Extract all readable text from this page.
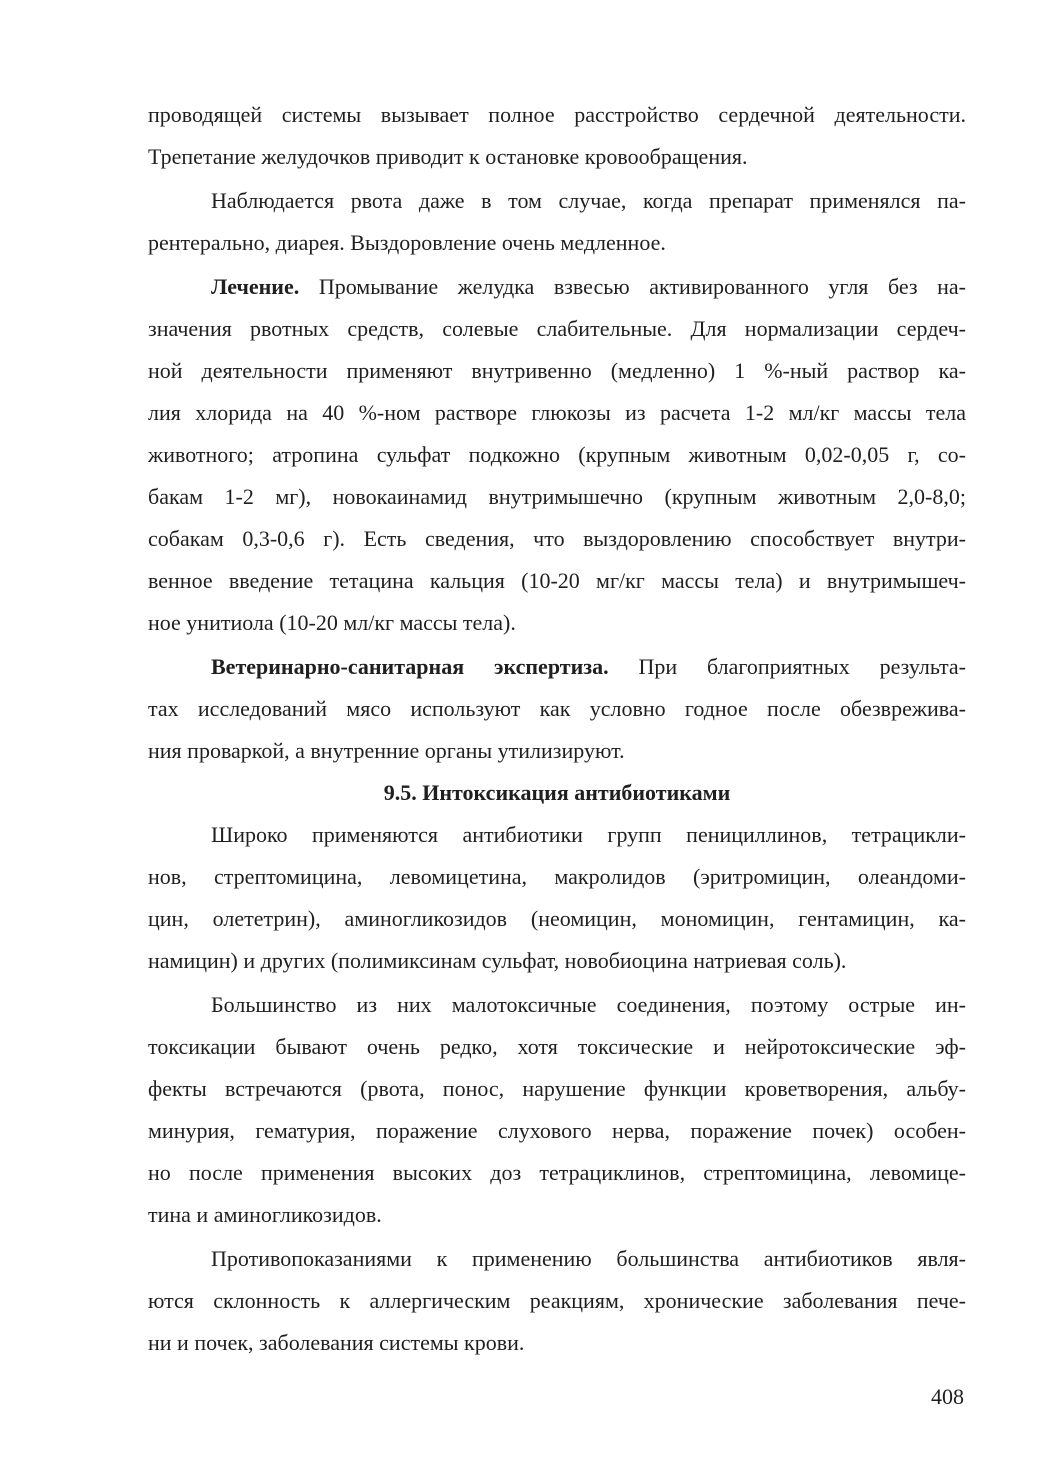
проводящей системы вызывает полное расстройство сердечной деятельности.
Трепетание желудочков приводит к остановке кровообращения.
Наблюдается рвота даже в том случае, когда препарат применялся па-
рентерально, диарея. Выздоровление очень медленное.
Лечение. Промывание желудка взвесью активированного угля без на-
значения рвотных средств, солевые слабительные. Для нормализации сердеч-
ной деятельности применяют внутривенно (медленно) 1 %-ный раствор ка-
лия хлорида на 40 %-ном растворе глюкозы из расчета 1-2 мл/кг массы тела
животного; атропина сульфат подкожно (крупным животным 0,02-0,05 г, со-
бакам 1-2 мг), новокаинамид внутримышечно (крупным животным 2,0-8,0;
собакам 0,3-0,6 г). Есть сведения, что выздоровлению способствует внутри-
венное введение тетацина кальция (10-20 мг/кг массы тела) и внутримышеч-
ное унитиола (10-20 мл/кг массы тела).
Ветеринарно-санитарная экспертиза. При благоприятных результа-
тах исследований мясо используют как условно годное после обезврежива-
ния проваркой, а внутренние органы утилизируют.
9.5. Интоксикация антибиотиками
Широко применяются антибиотики групп пенициллинов, тетрацикли-
нов, стрептомицина, левомицетина, макролидов (эритромицин, олеандоми-
цин, олететрин), аминогликозидов (неомицин, мономицин, гентамицин, ка-
намицин) и других (полимиксинам сульфат, новобиоцина натриевая соль).
Большинство из них малотоксичные соединения, поэтому острые ин-
токсикации бывают очень редко, хотя токсические и нейротоксические эф-
фекты встречаются (рвота, понос, нарушение функции кроветворения, альбу-
минурия, гематурия, поражение слухового нерва, поражение почек) особен-
но после применения высоких доз тетрациклинов, стрептомицина, левомице-
тина и аминогликозидов.
Противопоказаниями к применению большинства антибиотиков явля-
ются склонность к аллергическим реакциям, хронические заболевания пече-
ни и почек, заболевания системы крови.
408
